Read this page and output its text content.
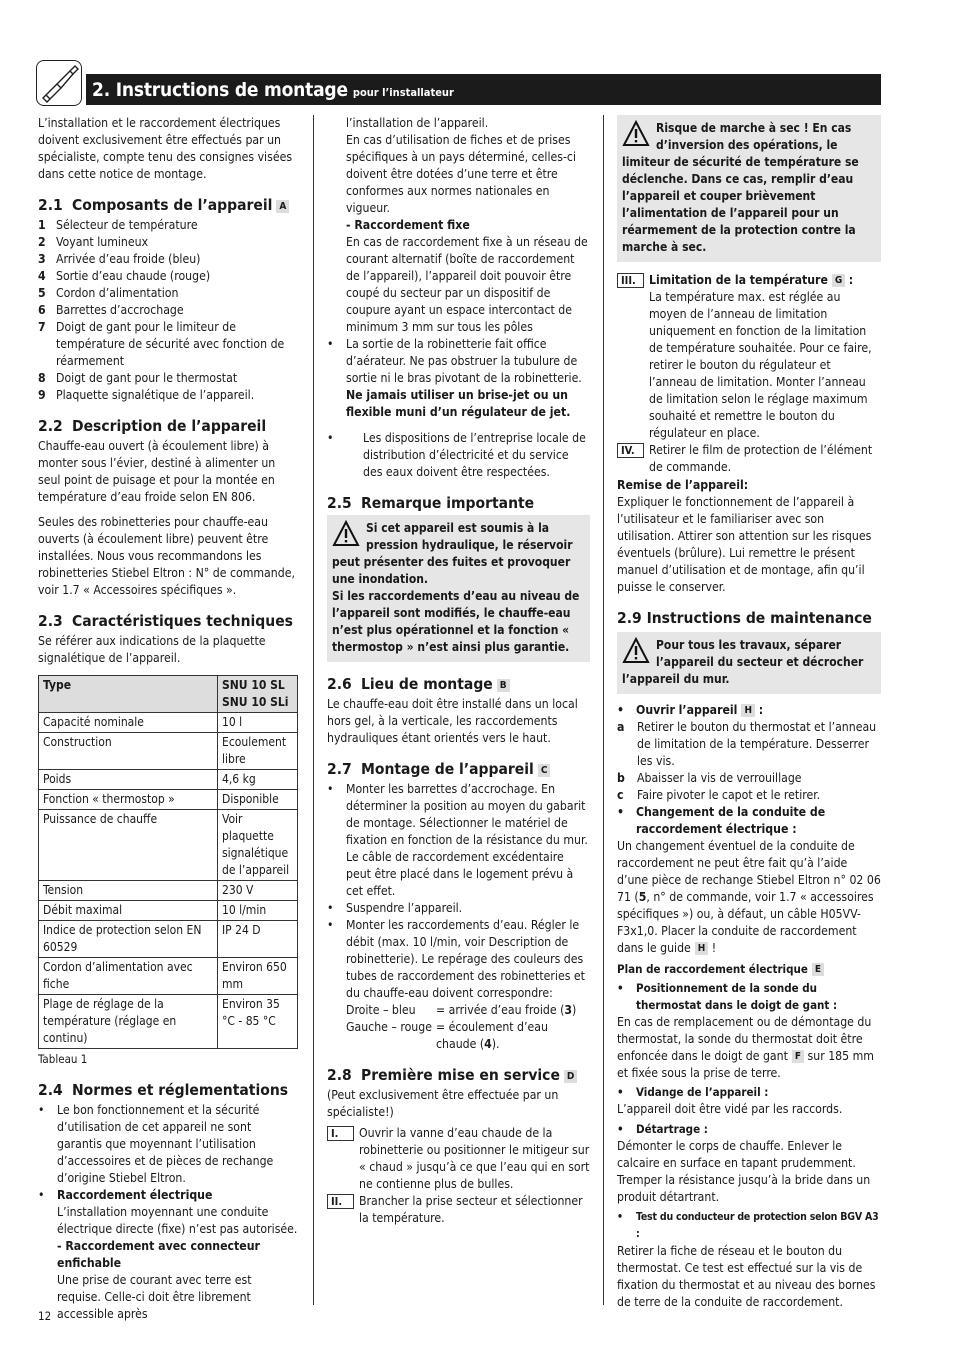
2. Instructions de montage pour l’installateur

L’installation et le raccordement électriques doivent exclusivement être effectués par un spécialiste, compte tenu des consignes visées dans cette notice de montage.

2.1 Composants de l’appareil A
1 Sélecteur de température
2 Voyant lumineux
3 Arrivée d’eau froide (bleu)
4 Sortie d’eau chaude (rouge)
5 Cordon d’alimentation
6 Barrettes d’accrochage
7 Doigt de gant pour le limiteur de température de sécurité avec fonction de réarmement
8 Doigt de gant pour le thermostat
9 Plaquette signalétique de l’appareil.
2.2 Description de l’appareil

Chauffe-eau ouvert (à écoulement libre) à monter sous l’évier, destiné à alimenter un seul point de puisage et pour la montée en température d’eau froide selon EN 806.

Seules des robinetteries pour chauffe-eau ouverts (à écoulement libre) peuvent être installées. Nous vous recommandons les robinetteries Stiebel Eltron : N° de commande, voir 1.7 « Accessoires spécifiques ».

2.3 Caractéristiques techniques

Se référer aux indications de la plaquette signalétique de l’appareil.

Type	SNU 10 SL
SNU 10 SLi
Capacité nominale	10 l
Construction	Ecoulement libre
Poids	4,6 kg
Fonction « thermostop »	Disponible
Puissance de chauffe	Voir plaquette signalétique de l’appareil
Tension	230 V
Débit maximal	10 l/min
Indice de protection selon EN 60529	IP 24 D
Cordon d’alimentation avec fiche	Environ 650 mm
Plage de réglage de la température (réglage en continu)	Environ 35 °C - 85 °C
Tableau 1
2.4 Normes et réglementations
• Le bon fonctionnement et la sécurité d’utilisation de cet appareil ne sont garantis que moyennant l’utilisation d’accessoires et de pièces de rechange d’origine Stiebel Eltron.
• Raccordement électrique
L’installation moyennant une conduite électrique directe (fixe) n’est pas autorisée.
- Raccordement avec connecteur enfichable
Une prise de courant avec terre est requise. Celle-ci doit être librement accessible après
l’installation de l’appareil.
En cas d’utilisation de fiches et de prises spécifiques à un pays déterminé, celles-ci doivent être dotées d’une terre et être conformes aux normes nationales en vigueur.
- Raccordement fixe
En cas de raccordement fixe à un réseau de courant alternatif (boîte de raccordement de l’appareil), l’appareil doit pouvoir être coupé du secteur par un dispositif de coupure ayant un espace intercontact de minimum 3 mm sur tous les pôles
• La sortie de la robinetterie fait office d’aérateur. Ne pas obstruer la tubulure de sortie ni le bras pivotant de la robinetterie.
Ne jamais utiliser un brise-jet ou un flexible muni d’un régulateur de jet.
• Les dispositions de l’entreprise locale de distribution d’électricité et du service des eaux doivent être respectées.
2.5 Remarque importante
Si cet appareil est soumis à la pression hydraulique, le réservoir peut présenter des fuites et provoquer une inondation.
Si les raccordements d’eau au niveau de l’appareil sont modifiés, le chauffe-eau n’est plus opérationnel et la fonction « thermostop » n’est ainsi plus garantie.
2.6 Lieu de montage B

Le chauffe-eau doit être installé dans un local hors gel, à la verticale, les raccordements hydrauliques étant orientés vers le haut.

2.7 Montage de l’appareil C
• Monter les barrettes d’accrochage. En déterminer la position au moyen du gabarit de montage. Sélectionner le matériel de fixation en fonction de la résistance du mur. Le câble de raccordement excédentaire peut être placé dans le logement prévu à cet effet.
• Suspendre l’appareil.
• Monter les raccordements d’eau. Régler le débit (max. 10 l/min, voir Description de robinetterie). Le repérage des couleurs des tubes de raccordement des robinetteries et du chauffe-eau doivent correspondre:
Droite – bleu	= arrivée d’eau froide (3)
Gauche – rouge = écoulement d’eau chaude (4).
2.8 Première mise en service D

(Peut exclusivement être effectuée par un spécialiste!)

I.	Ouvrir la vanne d’eau chaude de la robinetterie ou positionner le mitigeur sur « chaud » jusqu’à ce que l’eau qui en sort ne contienne plus de bulles.
II.	Brancher la prise secteur et sélectionner la température.
Risque de marche à sec ! En cas d’inversion des opérations, le limiteur de sécurité de température se déclenche. Dans ce cas, remplir d’eau l’appareil et couper brièvement l’alimentation de l’appareil pour un réarmement de la protection contre la marche à sec.
III.	Limitation de la température G :
La température max. est réglée au moyen de l’anneau de limitation uniquement en fonction de la limitation de température souhaitée. Pour ce faire, retirer le bouton du régulateur et l’anneau de limitation. Monter l’anneau de limitation selon le réglage maximum souhaité et remettre le bouton du régulateur en place.
IV.	Retirer le film de protection de l’élément de commande.
Remise de l’appareil:

Expliquer le fonctionnement de l’appareil à l’utilisateur et le familiariser avec son utilisation. Attirer son attention sur les risques éventuels (brûlure). Lui remettre le présent manuel d’utilisation et de montage, afin qu’il puisse le conserver.

2.9 Instructions de maintenance
Pour tous les travaux, séparer l’appareil du secteur et décrocher l’appareil du mur.
• Ouvrir l’appareil H :
a Retirer le bouton du thermostat et l’anneau de limitation de la température. Desserrer les vis.
b Abaisser la vis de verrouillage
c Faire pivoter le capot et le retirer.
• Changement de la conduite de raccordement électrique :

Un changement éventuel de la conduite de raccordement ne peut être fait qu’à l’aide d’une pièce de rechange Stiebel Eltron n° 02 06 71 (5, n° de commande, voir 1.7 « accessoires spécifiques ») ou, à défaut, un câble H05VV-F3x1,0. Placer la conduite de raccordement dans le guide H !

Plan de raccordement électrique E
• Positionnement de la sonde du thermostat dans le doigt de gant :

En cas de remplacement ou de démontage du thermostat, la sonde du thermostat doit être enfoncée dans le doigt de gant F sur 185 mm et fixée sous la prise de terre.

• Vidange de l’appareil :

L’appareil doit être vidé par les raccords.

• Détartrage :

Démonter le corps de chauffe. Enlever le calcaire en surface en tapant prudemment. Tremper la résistance jusqu’à la bride dans un produit détartrant.

• Test du conducteur de protection selon BGV A3 :

Retirer la fiche de réseau et le bouton du thermostat. Ce test est effectué sur la vis de fixation du thermostat et au niveau des bornes de terre de la conduite de raccordement.

12
